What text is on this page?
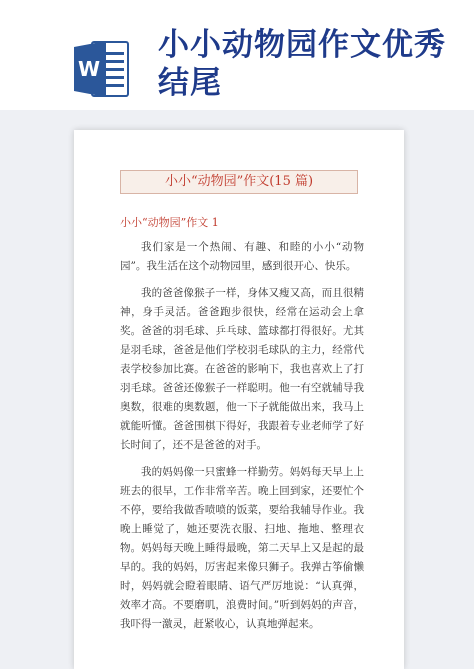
W
小小动物园作文优秀结尾
小小“动物园”作文(15 篇)
小小“动物园”作文 1

我们家是一个热闹、有趣、和睦的小小“动物园”。我生活在这个动物园里，感到很开心、快乐。

我的爸爸像猴子一样，身体又瘦又高，而且很精神，身手灵活。爸爸跑步很快，经常在运动会上拿奖。爸爸的羽毛球、乒乓球、篮球都打得很好。尤其是羽毛球，爸爸是他们学校羽毛球队的主力，经常代表学校参加比赛。在爸爸的影响下，我也喜欢上了打羽毛球。爸爸还像猴子一样聪明。他一有空就辅导我奥数，很难的奥数题，他一下子就能做出来，我马上就能听懂。爸爸围棋下得好，我跟着专业老师学了好长时间了，还不是爸爸的对手。

我的妈妈像一只蜜蜂一样勤劳。妈妈每天早上上班去的很早，工作非常辛苦。晚上回到家，还要忙个不停，要给我做香喷喷的饭菜，要给我辅导作业。我晚上睡觉了，她还要洗衣服、扫地、拖地、整理衣物。妈妈每天晚上睡得最晚，第二天早上又是起的最早的。我的妈妈，厉害起来像只狮子。我弹古筝偷懒时，妈妈就会瞪着眼睛、语气严厉地说：“认真弹，效率才高。不要磨叽，浪费时间。”听到妈妈的声音，我吓得一激灵，赶紧收心，认真地弹起来。
